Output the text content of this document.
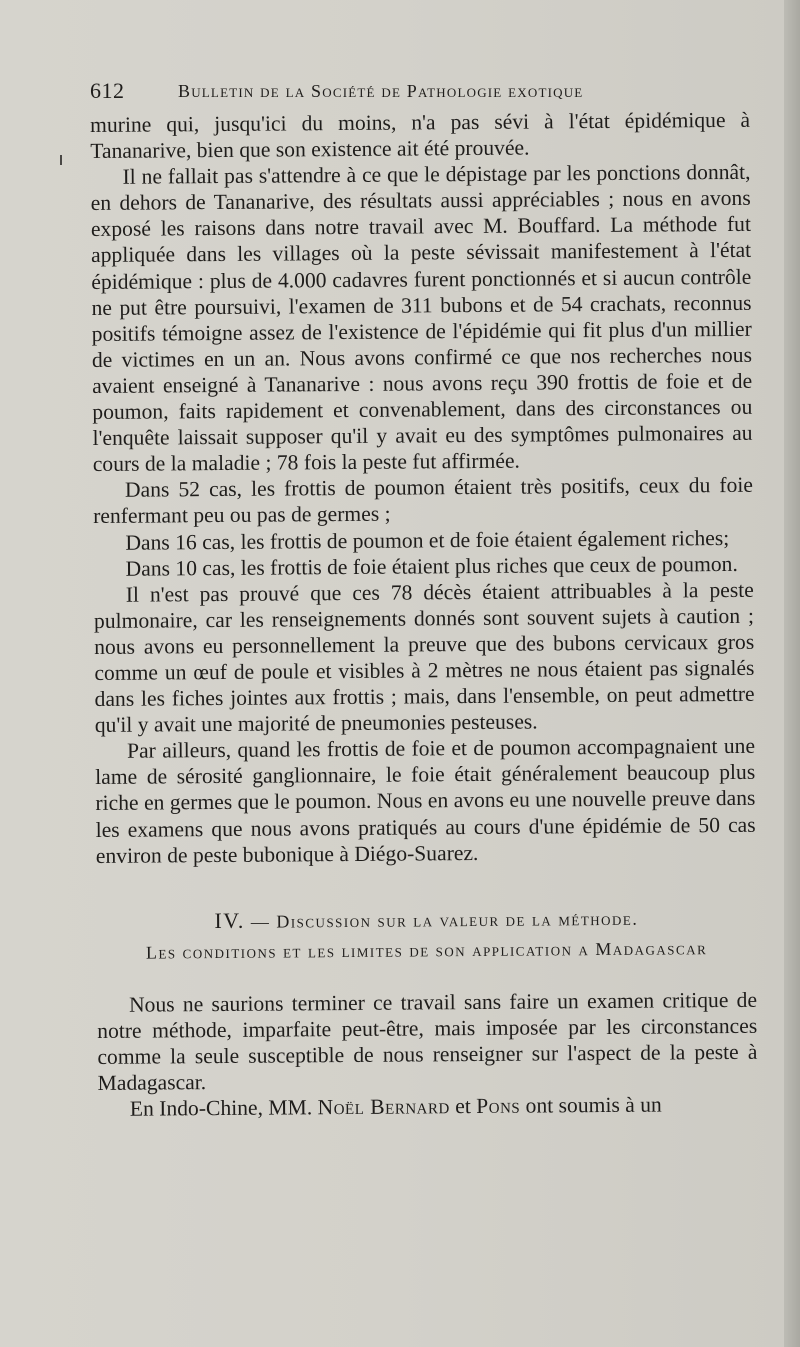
612	Bulletin de la Société de Pathologie exotique

murine qui, jusqu'ici du moins, n'a pas sévi à l'état épidémique à Tananarive, bien que son existence ait été prouvée.

Il ne fallait pas s'attendre à ce que le dépistage par les ponctions donnât, en dehors de Tananarive, des résultats aussi appréciables ; nous en avons exposé les raisons dans notre travail avec M. Bouffard. La méthode fut appliquée dans les villages où la peste sévissait manifestement à l'état épidémique : plus de 4.000 cadavres furent ponctionnés et si aucun contrôle ne put être poursuivi, l'examen de 311 bubons et de 54 crachats, reconnus positifs témoigne assez de l'existence de l'épidémie qui fit plus d'un millier de victimes en un an. Nous avons confirmé ce que nos recherches nous avaient enseigné à Tananarive : nous avons reçu 390 frottis de foie et de poumon, faits rapidement et convenablement, dans des circonstances ou l'enquête laissait supposer qu'il y avait eu des symptômes pulmonaires au cours de la maladie ; 78 fois la peste fut affirmée.

Dans 52 cas, les frottis de poumon étaient très positifs, ceux du foie renfermant peu ou pas de germes ;

Dans 16 cas, les frottis de poumon et de foie étaient également riches;

Dans 10 cas, les frottis de foie étaient plus riches que ceux de poumon.

Il n'est pas prouvé que ces 78 décès étaient attribuables à la peste pulmonaire, car les renseignements donnés sont souvent sujets à caution ; nous avons eu personnellement la preuve que des bubons cervicaux gros comme un œuf de poule et visibles à 2 mètres ne nous étaient pas signalés dans les fiches jointes aux frottis ; mais, dans l'ensemble, on peut admettre qu'il y avait une majorité de pneumonies pesteuses.

Par ailleurs, quand les frottis de foie et de poumon accompagnaient une lame de sérosité ganglionnaire, le foie était généralement beaucoup plus riche en germes que le poumon. Nous en avons eu une nouvelle preuve dans les examens que nous avons pratiqués au cours d'une épidémie de 50 cas environ de peste bubonique à Diégo-Suarez.

IV. — Discussion sur la valeur de la méthode.
Les conditions et les limites de son application a Madagascar

Nous ne saurions terminer ce travail sans faire un examen critique de notre méthode, imparfaite peut-être, mais imposée par les circonstances comme la seule susceptible de nous renseigner sur l'aspect de la peste à Madagascar.

En Indo-Chine, MM. Noël Bernard et Pons ont soumis à un
